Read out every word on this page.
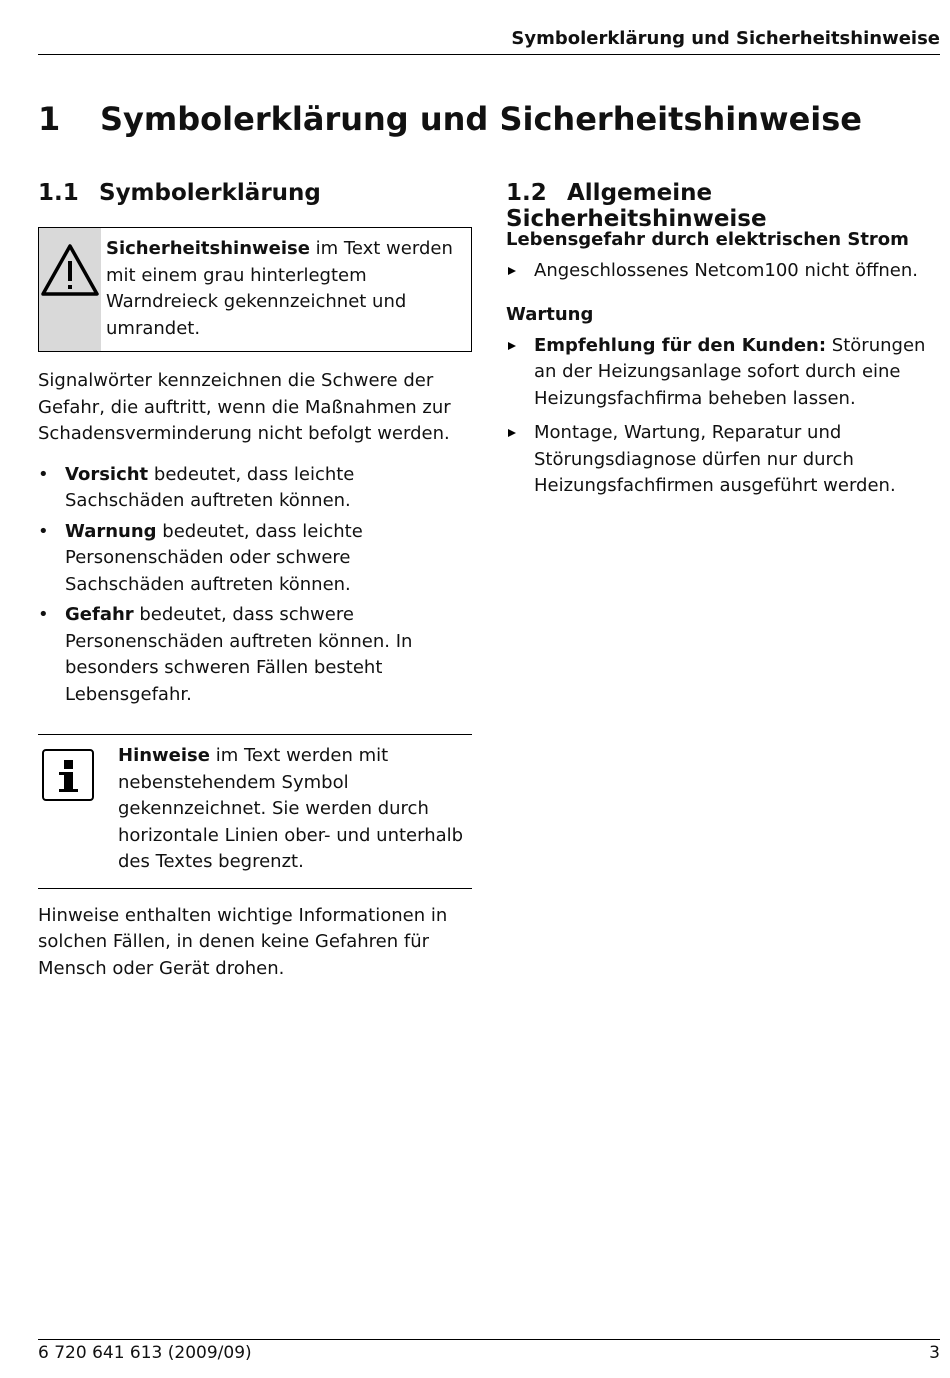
Symbolerklärung und Sicherheitshinweise
1 Symbolerklärung und Sicherheitshinweise
1.1 Symbolerklärung

Sicherheitshinweise im Text werden mit einem grau hinterlegtem Warndreieck gekennzeichnet und umrandet.

Signalwörter kennzeichnen die Schwere der Gefahr, die auftritt, wenn die Maßnahmen zur Schadensverminderung nicht befolgt werden.

• Vorsicht bedeutet, dass leichte Sachschäden auftreten können.
• Warnung bedeutet, dass leichte Personenschäden oder schwere Sachschäden auftreten können.
• Gefahr bedeutet, dass schwere Personenschäden auftreten können. In besonders schweren Fällen besteht Lebensgefahr.

Hinweise im Text werden mit nebenstehendem Symbol gekennzeichnet. Sie werden durch horizontale Linien ober- und unterhalb des Textes begrenzt.

Hinweise enthalten wichtige Informationen in solchen Fällen, in denen keine Gefahren für Mensch oder Gerät drohen.

1.2 Allgemeine Sicherheitshinweise

Lebensgefahr durch elektrischen Strom

Angeschlossenes Netcom100 nicht öffnen.

Wartung

Empfehlung für den Kunden: Störungen an der Heizungsanlage sofort durch eine Heizungsfachfirma beheben lassen.
Montage, Wartung, Reparatur und Störungsdiagnose dürfen nur durch Heizungsfachfirmen ausgeführt werden.
6 720 641 613 (2009/09)	3
